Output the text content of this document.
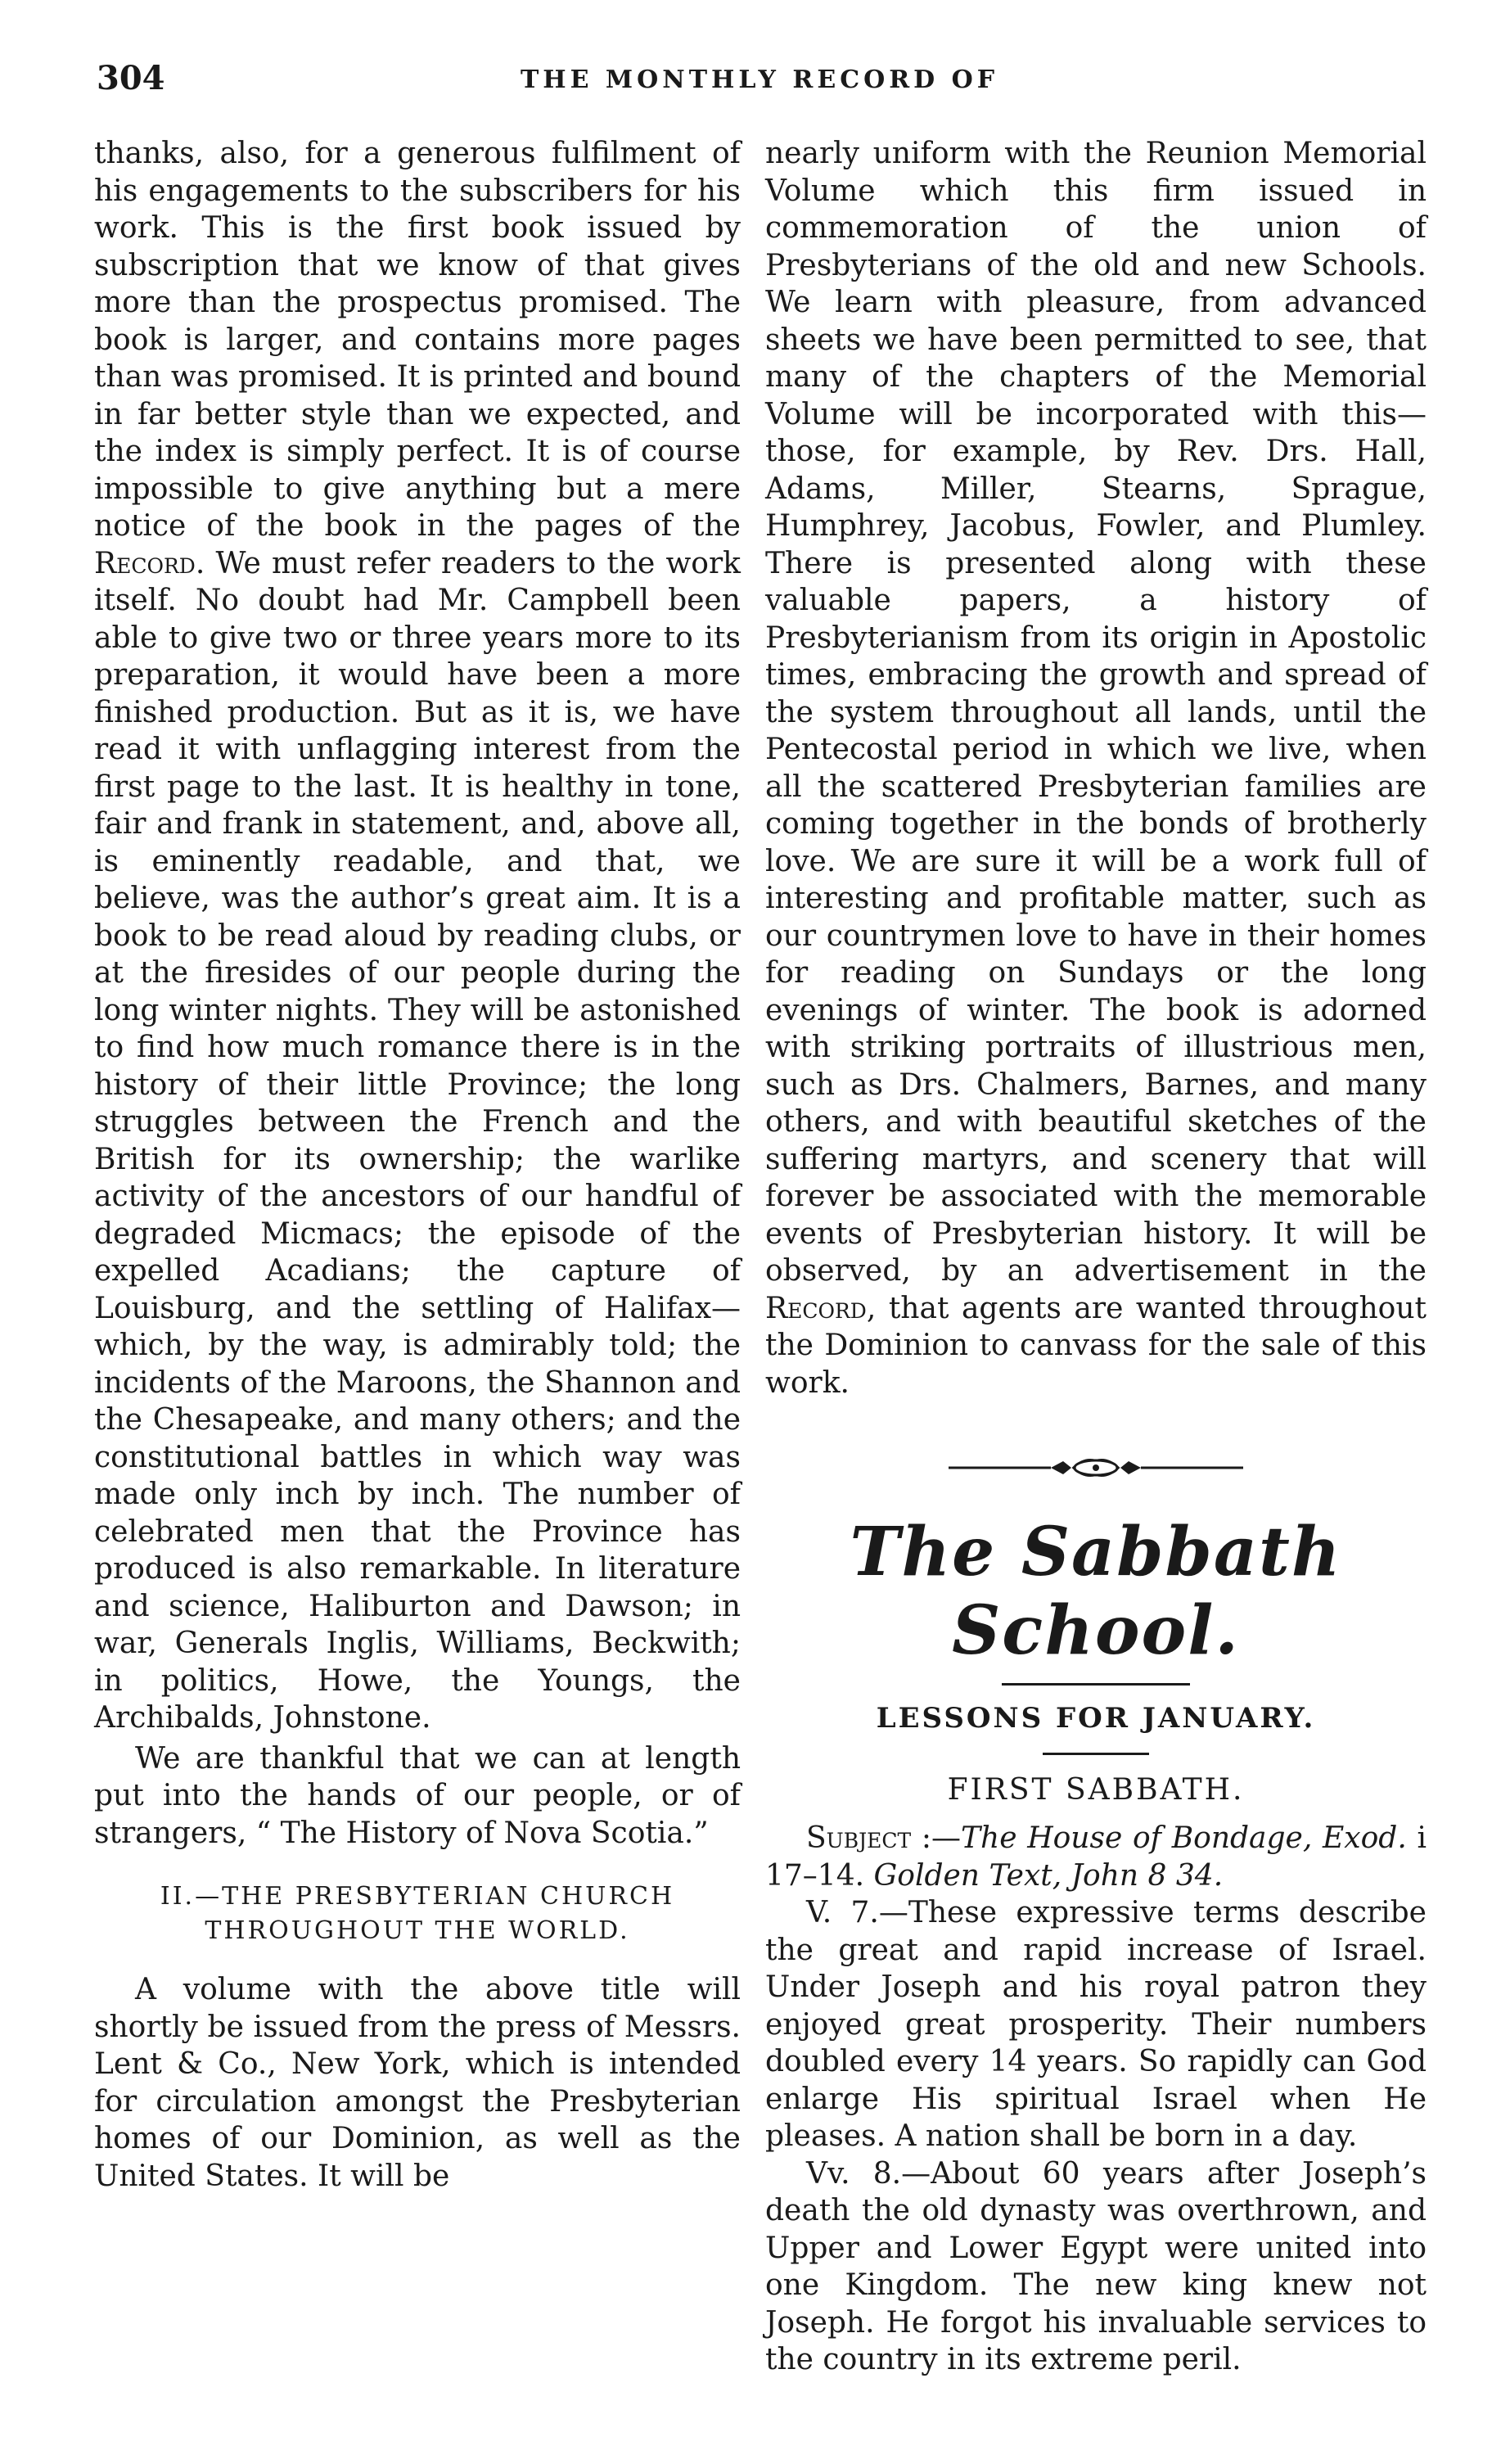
304	THE MONTHLY RECORD OF

thanks, also, for a generous fulfilment of his engagements to the subscribers for his work. This is the first book issued by subscription that we know of that gives more than the prospectus promised. The book is larger, and contains more pages than was promised. It is printed and bound in far better style than we expected, and the index is simply perfect. It is of course impossible to give anything but a mere notice of the book in the pages of the Record. We must refer readers to the work itself. No doubt had Mr. Campbell been able to give two or three years more to its preparation, it would have been a more finished production. But as it is, we have read it with unflagging interest from the first page to the last. It is healthy in tone, fair and frank in statement, and, above all, is eminently readable, and that, we believe, was the author’s great aim. It is a book to be read aloud by reading clubs, or at the firesides of our people during the long winter nights. They will be astonished to find how much romance there is in the history of their little Province; the long struggles between the French and the British for its ownership; the warlike activity of the ancestors of our handful of degraded Micmacs; the episode of the expelled Acadians; the capture of Louisburg, and the settling of Halifax—which, by the way, is admirably told; the incidents of the Maroons, the Shannon and the Chesapeake, and many others; and the constitutional battles in which way was made only inch by inch. The number of celebrated men that the Province has produced is also remarkable. In literature and science, Haliburton and Dawson; in war, Generals Inglis, Williams, Beckwith; in politics, Howe, the Youngs, the Archibalds, Johnstone.

We are thankful that we can at length put into the hands of our people, or of strangers, “ The History of Nova Scotia.”

II.—THE PRESBYTERIAN CHURCH
THROUGHOUT THE WORLD.

A volume with the above title will shortly be issued from the press of Messrs. Lent & Co., New York, which is intended for circulation amongst the Presbyterian homes of our Dominion, as well as the United States. It will be

nearly uniform with the Reunion Memorial Volume which this firm issued in commemoration of the union of Presbyterians of the old and new Schools. We learn with pleasure, from advanced sheets we have been permitted to see, that many of the chapters of the Memorial Volume will be incorporated with this—those, for example, by Rev. Drs. Hall, Adams, Miller, Stearns, Sprague, Humphrey, Jacobus, Fowler, and Plumley. There is presented along with these valuable papers, a history of Presbyterianism from its origin in Apostolic times, embracing the growth and spread of the system throughout all lands, until the Pentecostal period in which we live, when all the scattered Presbyterian families are coming together in the bonds of brotherly love. We are sure it will be a work full of interesting and profitable matter, such as our countrymen love to have in their homes for reading on Sundays or the long evenings of winter. The book is adorned with striking portraits of illustrious men, such as Drs. Chalmers, Barnes, and many others, and with beautiful sketches of the suffering martyrs, and scenery that will forever be associated with the memorable events of Presbyterian history. It will be observed, by an advertisement in the Record, that agents are wanted throughout the Dominion to canvass for the sale of this work.

The Sabbath School.
LESSONS FOR JANUARY.
FIRST SABBATH.

Subject :—The House of Bondage, Exod. i 17–14. Golden Text, John 8 34.

V. 7.—These expressive terms describe the great and rapid increase of Israel. Under Joseph and his royal patron they enjoyed great prosperity. Their numbers doubled every 14 years. So rapidly can God enlarge His spiritual Israel when He pleases. A nation shall be born in a day.

Vv. 8.—About 60 years after Joseph’s death the old dynasty was overthrown, and Upper and Lower Egypt were united into one Kingdom. The new king knew not Joseph. He forgot his invaluable services to the country in its extreme peril.
